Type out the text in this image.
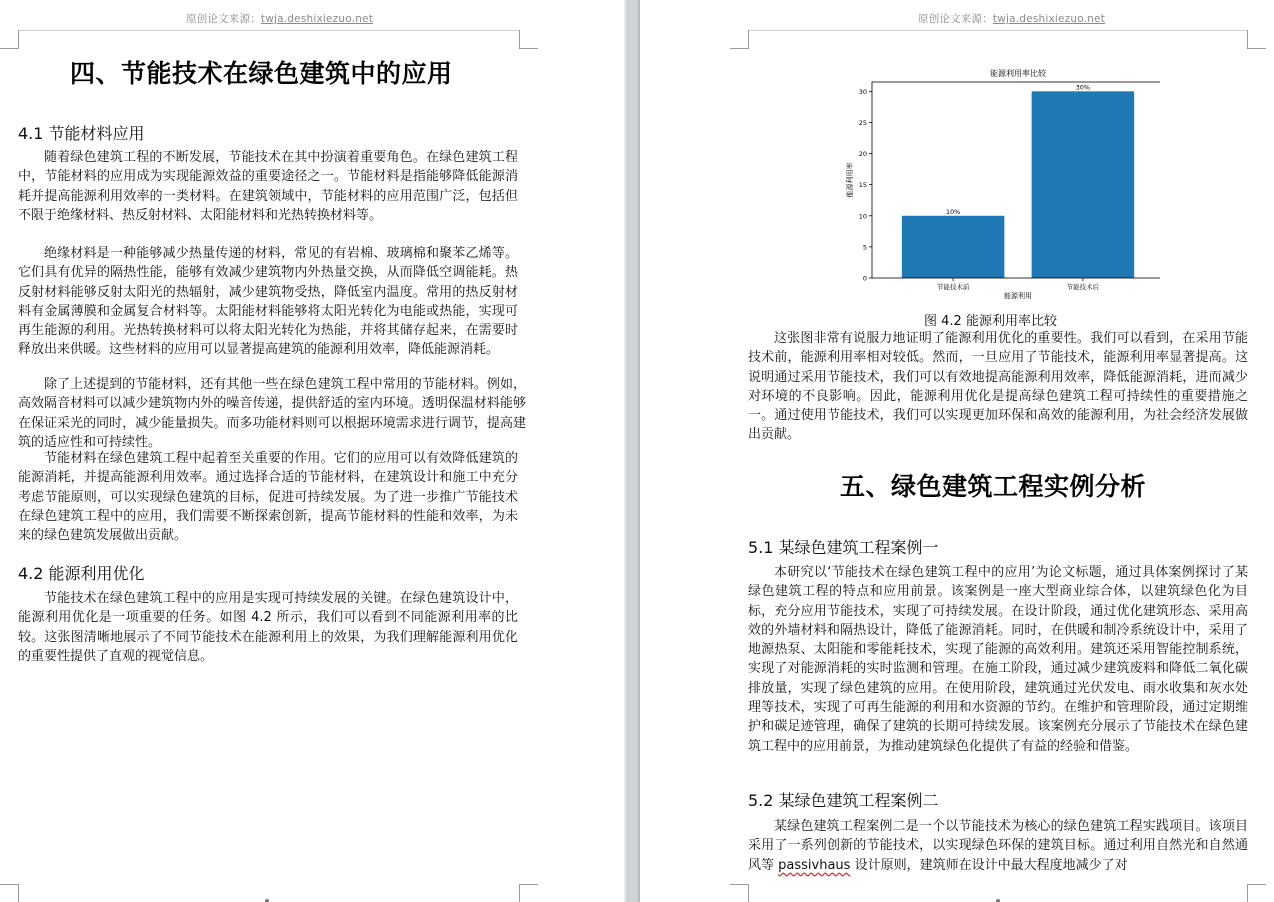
原创论文来源：twja.deshixiezuo.net
四、节能技术在绿色建筑中的应用
4.1 节能材料应用

随着绿色建筑工程的不断发展，节能技术在其中扮演着重要角色。在绿色建筑工程中，节能材料的应用成为实现能源效益的重要途径之一。节能材料是指能够降低能源消耗并提高能源利用效率的一类材料。在建筑领域中，节能材料的应用范围广泛，包括但不限于绝缘材料、热反射材料、太阳能材料和光热转换材料等。

绝缘材料是一种能够减少热量传递的材料，常见的有岩棉、玻璃棉和聚苯乙烯等。它们具有优异的隔热性能，能够有效减少建筑物内外热量交换，从而降低空调能耗。热反射材料能够反射太阳光的热辐射，减少建筑物受热，降低室内温度。常用的热反射材料有金属薄膜和金属复合材料等。太阳能材料能够将太阳光转化为电能或热能，实现可再生能源的利用。光热转换材料可以将太阳光转化为热能，并将其储存起来，在需要时释放出来供暖。这些材料的应用可以显著提高建筑的能源利用效率，降低能源消耗。

除了上述提到的节能材料，还有其他一些在绿色建筑工程中常用的节能材料。例如，高效隔音材料可以减少建筑物内外的噪音传递，提供舒适的室内环境。透明保温材料能够在保证采光的同时，减少能量损失。而多功能材料则可以根据环境需求进行调节，提高建筑的适应性和可持续性。

节能材料在绿色建筑工程中起着至关重要的作用。它们的应用可以有效降低建筑的能源消耗，并提高能源利用效率。通过选择合适的节能材料，在建筑设计和施工中充分考虑节能原则，可以实现绿色建筑的目标，促进可持续发展。为了进一步推广节能技术在绿色建筑工程中的应用，我们需要不断探索创新，提高节能材料的性能和效率，为未来的绿色建筑发展做出贡献。

4.2 能源利用优化

节能技术在绿色建筑工程中的应用是实现可持续发展的关键。在绿色建筑设计中，能源利用优化是一项重要的任务。如图 4.2 所示，我们可以看到不同能源利用率的比较。这张图清晰地展示了不同节能技术在能源利用上的效果，为我们理解能源利用优化的重要性提供了直观的视觉信息。

原创论文来源：twja.deshixiezuo.net
能源利用率比较
0
5
10
15
20
25
30
10%
30%
节能技术前	节能技术后
能源利用
能源利用率
图 4.2 能源利用率比较

这张图非常有说服力地证明了能源利用优化的重要性。我们可以看到，在采用节能技术前，能源利用率相对较低。然而，一旦应用了节能技术，能源利用率显著提高。这说明通过采用节能技术，我们可以有效地提高能源利用效率，降低能源消耗，进而减少对环境的不良影响。因此，能源利用优化是提高绿色建筑工程可持续性的重要措施之一。通过使用节能技术，我们可以实现更加环保和高效的能源利用，为社会经济发展做出贡献。

五、绿色建筑工程实例分析
5.1 某绿色建筑工程案例一

本研究以‘节能技术在绿色建筑工程中的应用’为论文标题，通过具体案例探讨了某绿色建筑工程的特点和应用前景。该案例是一座大型商业综合体，以建筑绿色化为目标，充分应用节能技术，实现了可持续发展。在设计阶段，通过优化建筑形态、采用高效的外墙材料和隔热设计，降低了能源消耗。同时，在供暖和制冷系统设计中，采用了地源热泵、太阳能和零能耗技术，实现了能源的高效利用。建筑还采用智能控制系统，实现了对能源消耗的实时监测和管理。在施工阶段，通过减少建筑废料和降低二氧化碳排放量，实现了绿色建筑的应用。在使用阶段，建筑通过光伏发电、雨水收集和灰水处理等技术，实现了可再生能源的利用和水资源的节约。在维护和管理阶段，通过定期维护和碳足迹管理，确保了建筑的长期可持续发展。该案例充分展示了节能技术在绿色建筑工程中的应用前景，为推动建筑绿色化提供了有益的经验和借鉴。

5.2 某绿色建筑工程案例二

某绿色建筑工程案例二是一个以节能技术为核心的绿色建筑工程实践项目。该项目采用了一系列创新的节能技术，以实现绿色环保的建筑目标。通过利用自然光和自然通风等 passivhaus 设计原则，建筑师在设计中最大程度地减少了对
